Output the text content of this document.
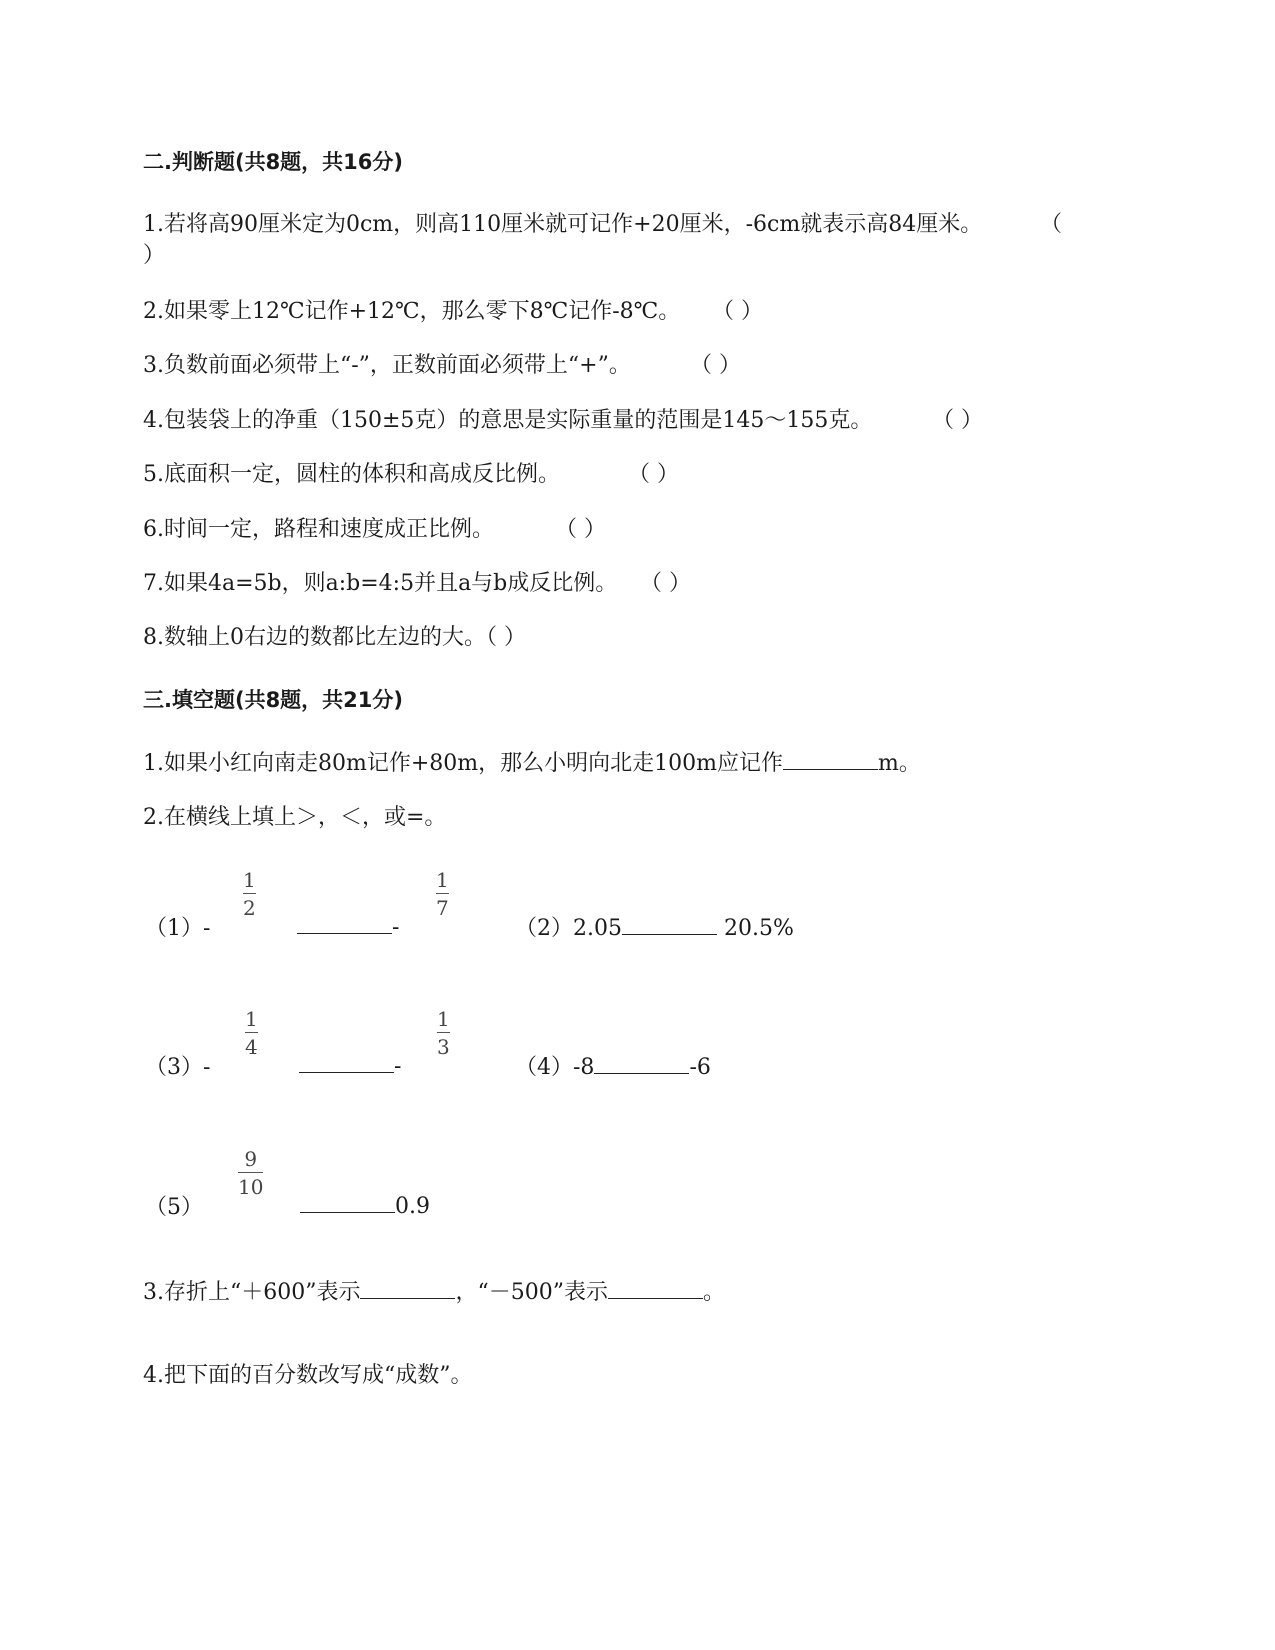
二.判断题(共8题，共16分)
1.若将高90厘米定为0cm，则高110厘米就可记作+20厘米，-6cm就表示高84厘米。	（
）
2.如果零上12℃记作+12℃，那么零下8℃记作-8℃。 （ ）
3.负数前面必须带上“-”，正数前面必须带上“+”。	（ ）
4.包装袋上的净重（150±5克）的意思是实际重量的范围是145～155克。	（ ）
5.底面积一定，圆柱的体积和高成反比例。	（ ）
6.时间一定，路程和速度成正比例。	（ ）
7.如果4a=5b，则a:b=4:5并且a与b成反比例。 （ ）
8.数轴上0右边的数都比左边的大。（ ）
三.填空题(共8题，共21分)
1.如果小红向南走80m记作+80m，那么小明向北走100m应记作	m。
2.在横线上填上＞，＜，或=。
（1）-
1
2
-
1
7
（2）2.05	20.5%
（3）-
1
4
-
1
3
（4）-8	-6
（5）
9
10
0.9
3.存折上“＋600”表示	，“－500”表示	。
4.把下面的百分数改写成“成数”。
